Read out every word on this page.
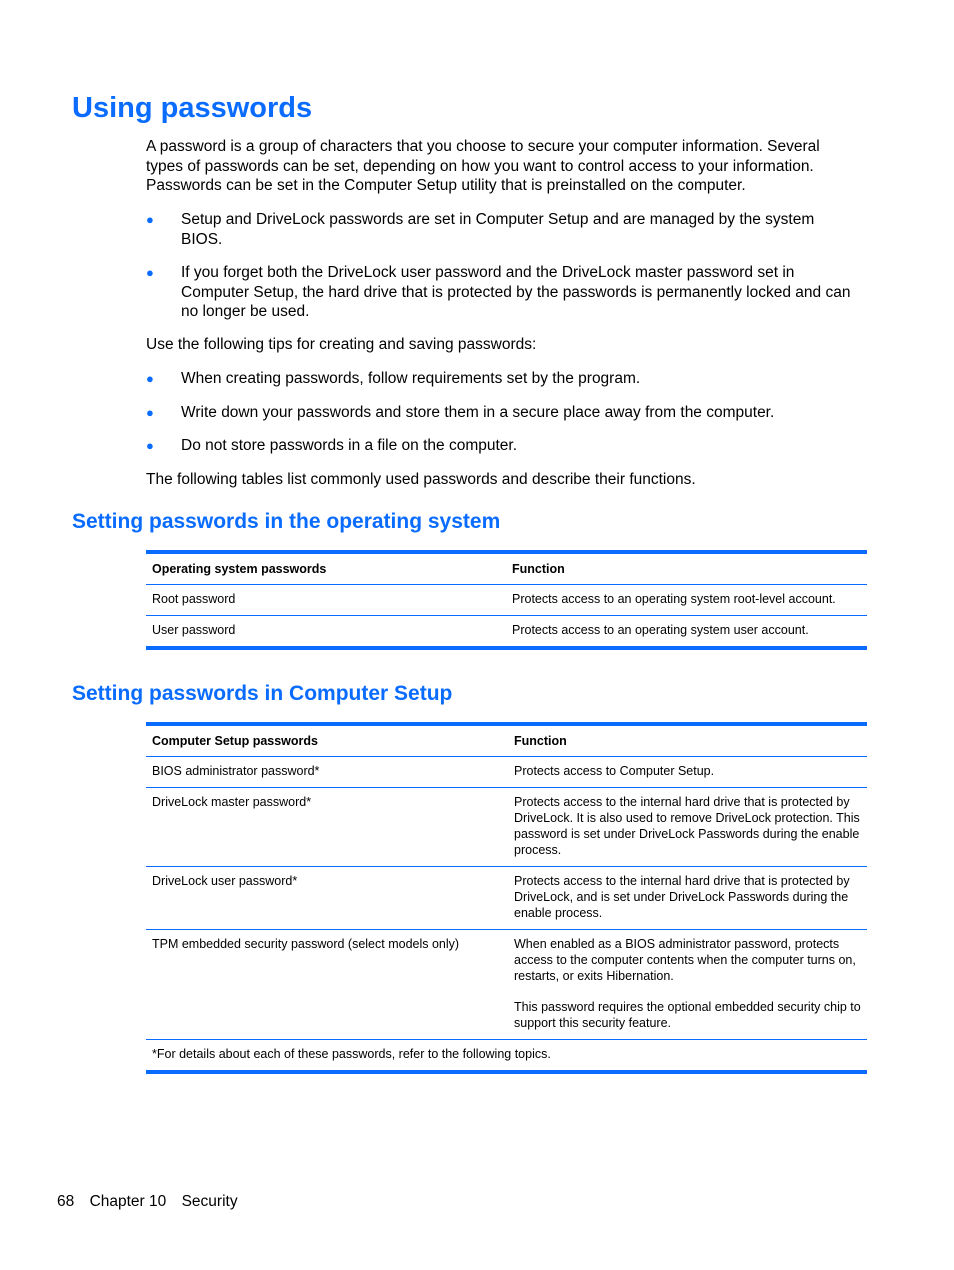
Using passwords

A password is a group of characters that you choose to secure your computer information. Several types of passwords can be set, depending on how you want to control access to your information. Passwords can be set in the Computer Setup utility that is preinstalled on the computer.

● Setup and DriveLock passwords are set in Computer Setup and are managed by the system BIOS.
● If you forget both the DriveLock user password and the DriveLock master password set in Computer Setup, the hard drive that is protected by the passwords is permanently locked and can no longer be used.

Use the following tips for creating and saving passwords:

● When creating passwords, follow requirements set by the program.
● Write down your passwords and store them in a secure place away from the computer.
● Do not store passwords in a file on the computer.

The following tables list commonly used passwords and describe their functions.

Setting passwords in the operating system
Operating system passwords	Function
Root password	Protects access to an operating system root-level account.
User password	Protects access to an operating system user account.
Setting passwords in Computer Setup
Computer Setup passwords	Function
BIOS administrator password*	Protects access to Computer Setup.

DriveLock master password*	Protects access to the internal hard drive that is protected by DriveLock. It is also used to remove DriveLock protection. This password is set under DriveLock Passwords during the enable process.

DriveLock user password*	Protects access to the internal hard drive that is protected by DriveLock, and is set under DriveLock Passwords during the enable process.

TPM embedded security password (select models only)	When enabled as a BIOS administrator password, protects access to the computer contents when the computer turns on, restarts, or exits Hibernation.

This password requires the optional embedded security chip to support this security feature.

*For details about each of these passwords, refer to the following topics.	
68 Chapter 10 Security
